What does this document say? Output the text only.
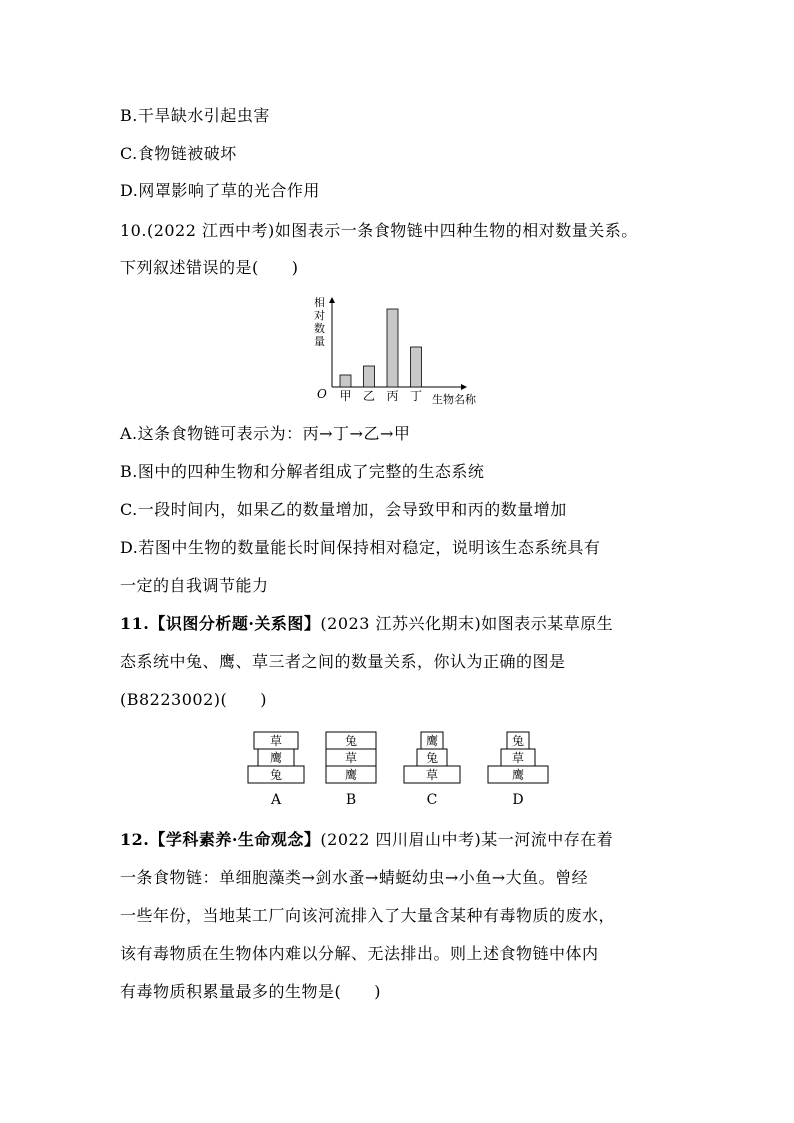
B.干旱缺水引起虫害
C.食物链被破坏
D.网罩影响了草的光合作用
10.(2022 江西中考)如图表示一条食物链中四种生物的相对数量关系。
下列叙述错误的是(　　)
相
对
数
量
O	生物名称
甲 乙 丙 丁
A.这条食物链可表示为：丙→丁→乙→甲
B.图中的四种生物和分解者组成了完整的生态系统
C.一段时间内，如果乙的数量增加，会导致甲和丙的数量增加
D.若图中生物的数量能长时间保持相对稳定，说明该生态系统具有
一定的自我调节能力
11.【识图分析题·关系图】(2023 江苏兴化期末)如图表示某草原生
态系统中兔、鹰、草三者之间的数量关系，你认为正确的图是
(B8223002)(　　)
草
鹰
兔
A
兔
草
鹰
B
鹰
兔
草
C
兔
草
鹰
D
12.【学科素养·生命观念】(2022 四川眉山中考)某一河流中存在着
一条食物链：单细胞藻类→剑水蚤→蜻蜓幼虫→小鱼→大鱼。曾经
一些年份，当地某工厂向该河流排入了大量含某种有毒物质的废水，
该有毒物质在生物体内难以分解、无法排出。则上述食物链中体内
有毒物质积累量最多的生物是(　　)
